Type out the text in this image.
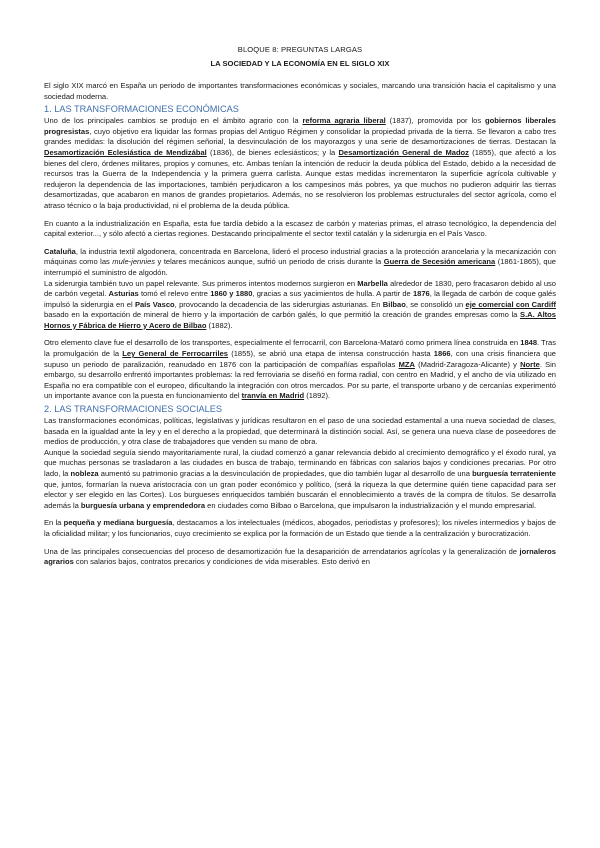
BLOQUE 8: PREGUNTAS LARGAS
LA SOCIEDAD Y LA ECONOMÍA EN EL SIGLO XIX

El siglo XIX marcó en España un periodo de importantes transformaciones económicas y sociales, marcando una transición hacia el capitalismo y una sociedad moderna.

1. LAS TRANSFORMACIONES ECONÓMICAS

Uno de los principales cambios se produjo en el ámbito agrario con la reforma agraria liberal (1837), promovida por los gobiernos liberales progresistas, cuyo objetivo era liquidar las formas propias del Antiguo Régimen y consolidar la propiedad privada de la tierra. Se llevaron a cabo tres grandes medidas: la disolución del régimen señorial, la desvinculación de los mayorazgos y una serie de desamortizaciones de tierras. Destacan la Desamortización Eclesiástica de Mendizábal (1836), de bienes eclesiásticos; y la Desamortización General de Madoz (1855), que afectó a los bienes del clero, órdenes militares, propios y comunes, etc. Ambas tenían la intención de reducir la deuda pública del Estado, debido a la necesidad de recursos tras la Guerra de la Independencia y la primera guerra carlista. Aunque estas medidas incrementaron la superficie agrícola cultivable y redujeron la dependencia de las importaciones, también perjudicaron a los campesinos más pobres, ya que muchos no pudieron adquirir las tierras desamortizadas, que acabaron en manos de grandes propietarios. Además, no se resolvieron los problemas estructurales del sector agrícola, como el atraso técnico o la baja productividad, ni el problema de la deuda pública.

En cuanto a la industrialización en España, esta fue tardía debido a la escasez de carbón y materias primas, el atraso tecnológico, la dependencia del capital exterior..., y sólo afectó a ciertas regiones. Destacando principalmente el sector textil catalán y la siderurgia en el País Vasco.

Cataluña, la industria textil algodonera, concentrada en Barcelona, lideró el proceso industrial gracias a la protección arancelaria y la mecanización con máquinas como las mule-jennies y telares mecánicos aunque, sufrió un periodo de crisis durante la Guerra de Secesión americana (1861-1865), que interrumpió el suministro de algodón.

La siderurgia también tuvo un papel relevante. Sus primeros intentos modernos surgieron en Marbella alrededor de 1830, pero fracasaron debido al uso de carbón vegetal. Asturias tomó el relevo entre 1860 y 1880, gracias a sus yacimientos de hulla. A partir de 1876, la llegada de carbón de coque galés impulsó la siderurgia en el País Vasco, provocando la decadencia de las siderurgias asturianas. En Bilbao, se consolidó un eje comercial con Cardiff basado en la exportación de mineral de hierro y la importación de carbón galés, lo que permitió la creación de grandes empresas como la S.A. Altos Hornos y Fábrica de Hierro y Acero de Bilbao (1882).

Otro elemento clave fue el desarrollo de los transportes, especialmente el ferrocarril, con Barcelona-Mataró como primera línea construida en 1848. Tras la promulgación de la Ley General de Ferrocarriles (1855), se abrió una etapa de intensa construcción hasta 1866, con una crisis financiera que supuso un periodo de paralización, reanudado en 1876 con la participación de compañías españolas MZA (Madrid-Zaragoza-Alicante) y Norte. Sin embargo, su desarrollo enfrentó importantes problemas: la red ferroviaria se diseñó en forma radial, con centro en Madrid, y el ancho de vía utilizado en España no era compatible con el europeo, dificultando la integración con otros mercados. Por su parte, el transporte urbano y de cercanías experimentó un importante avance con la puesta en funcionamiento del tranvía en Madrid (1892).

2. LAS TRANSFORMACIONES SOCIALES

Las transformaciones económicas, políticas, legislativas y jurídicas resultaron en el paso de una sociedad estamental a una nueva sociedad de clases, basada en la igualdad ante la ley y en el derecho a la propiedad, que determinará la distinción social. Así, se genera una nueva clase de poseedores de medios de producción, y otra clase de trabajadores que venden su mano de obra.

Aunque la sociedad seguía siendo mayoritariamente rural, la ciudad comenzó a ganar relevancia debido al crecimiento demográfico y el éxodo rural, ya que muchas personas se trasladaron a las ciudades en busca de trabajo, terminando en fábricas con salarios bajos y condiciones precarias. Por otro lado, la nobleza aumentó su patrimonio gracias a la desvinculación de propiedades, que dio también lugar al desarrollo de una burguesía terrateniente que, juntos, formarían la nueva aristocracia con un gran poder económico y político, (será la riqueza la que determine quién tiene capacidad para ser elector y ser elegido en las Cortes). Los burgueses enriquecidos también buscarán el ennoblecimiento a través de la compra de títulos. Se desarrolla además la burguesía urbana y emprendedora en ciudades como Bilbao o Barcelona, que impulsaron la industrialización y el mundo empresarial.

En la pequeña y mediana burguesía, destacamos a los intelectuales (médicos, abogados, periodistas y profesores); los niveles intermedios y bajos de la oficialidad militar; y los funcionarios, cuyo crecimiento se explica por la formación de un Estado que tiende a la centralización y burocratización.

Una de las principales consecuencias del proceso de desamortización fue la desaparición de arrendatarios agrícolas y la generalización de jornaleros agrarios con salarios bajos, contratos precarios y condiciones de vida miserables. Esto derivó en
